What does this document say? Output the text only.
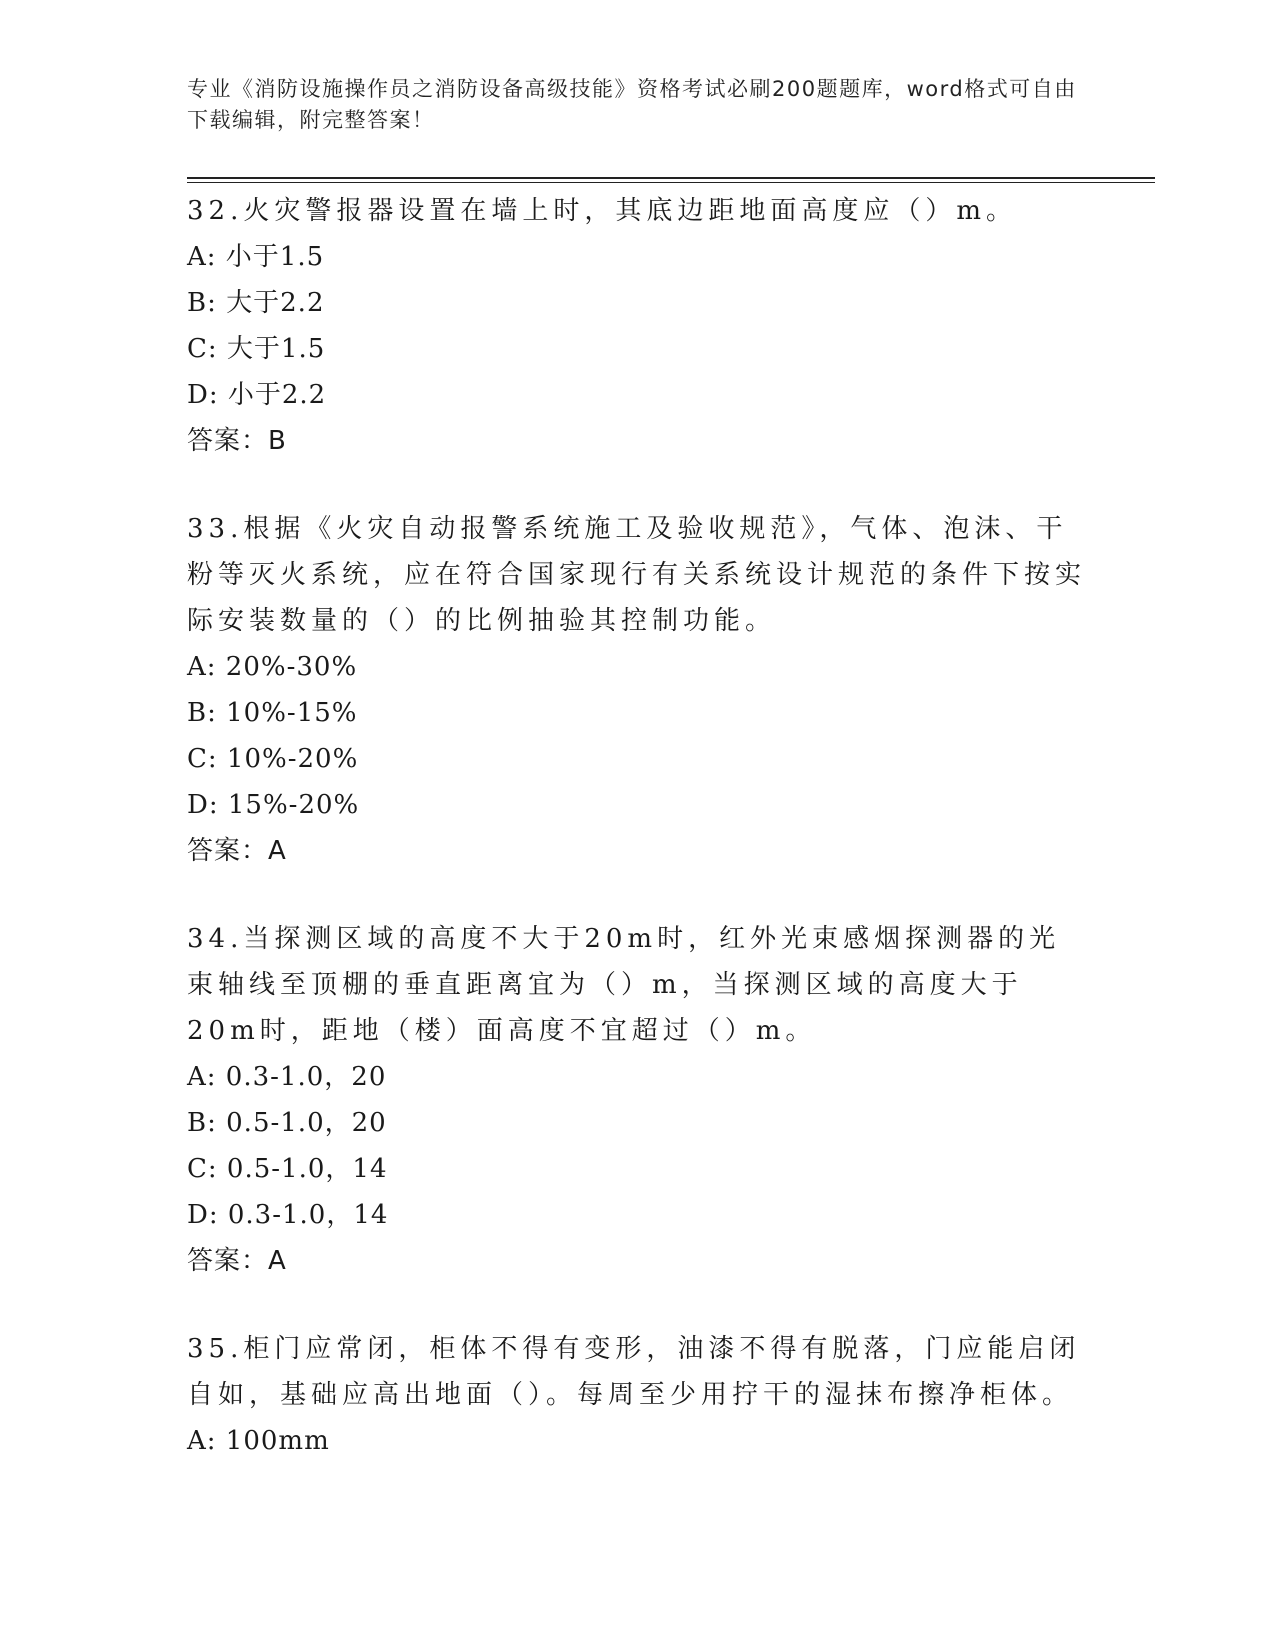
专业《消防设施操作员之消防设备高级技能》资格考试必刷200题题库，word格式可自由下载编辑，附完整答案！
32.火灾警报器设置在墙上时，其底边距地面高度应（）m。
A: 小于1.5
B: 大于2.2
C: 大于1.5
D: 小于2.2
答案：B
33.根据《火灾自动报警系统施工及验收规范》，气体、泡沫、干粉等灭火系统，应在符合国家现行有关系统设计规范的条件下按实际安装数量的（）的比例抽验其控制功能。
A: 20%-30%
B: 10%-15%
C: 10%-20%
D: 15%-20%
答案：A
34.当探测区域的高度不大于20m时，红外光束感烟探测器的光束轴线至顶棚的垂直距离宜为（）m，当探测区域的高度大于20m时，距地（楼）面高度不宜超过（）m。
A: 0.3-1.0，20
B: 0.5-1.0，20
C: 0.5-1.0，14
D: 0.3-1.0，14
答案：A
35.柜门应常闭，柜体不得有变形，油漆不得有脱落，门应能启闭自如，基础应高出地面（）。每周至少用拧干的湿抹布擦净柜体。
A: 100mm
